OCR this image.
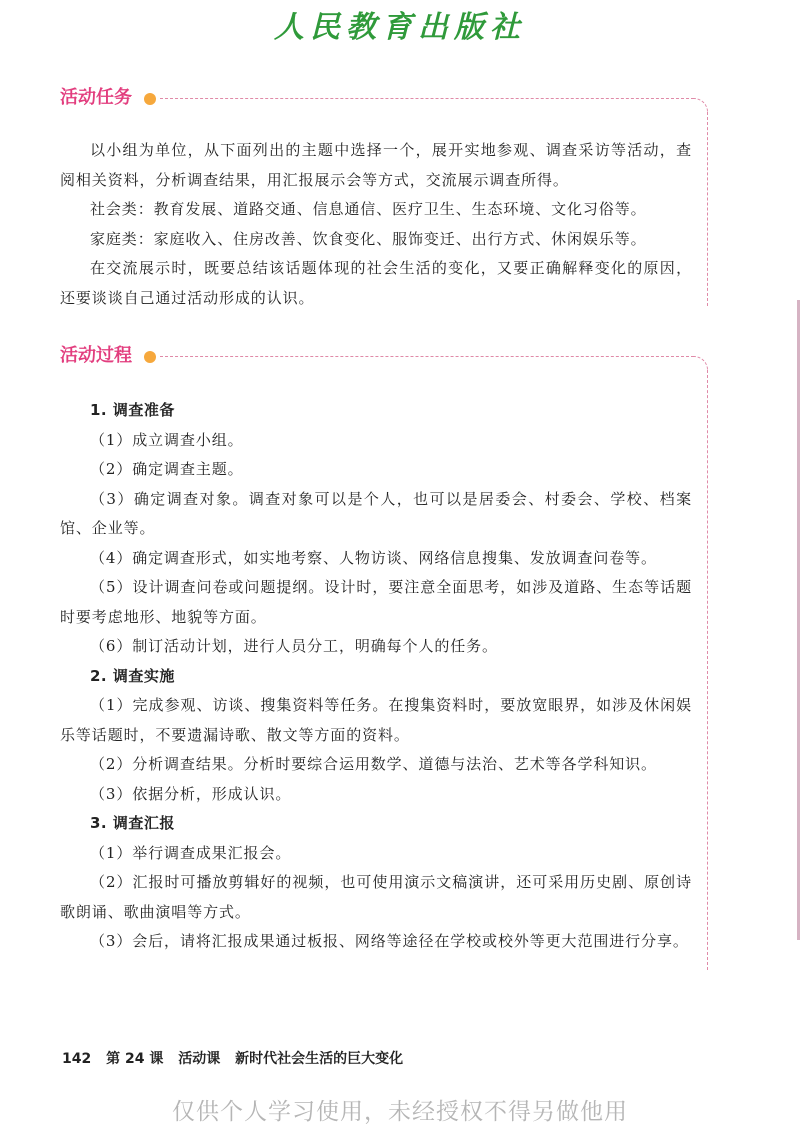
人民教育出版社
活动任务

以小组为单位，从下面列出的主题中选择一个，展开实地参观、调查采访等活动，查阅相关资料，分析调查结果，用汇报展示会等方式，交流展示调查所得。

社会类：教育发展、道路交通、信息通信、医疗卫生、生态环境、文化习俗等。

家庭类：家庭收入、住房改善、饮食变化、服饰变迁、出行方式、休闲娱乐等。

在交流展示时，既要总结该话题体现的社会生活的变化，又要正确解释变化的原因，还要谈谈自己通过活动形成的认识。

活动过程
1. 调查准备

（1）成立调查小组。

（2）确定调查主题。

（3）确定调查对象。调查对象可以是个人，也可以是居委会、村委会、学校、档案馆、企业等。

（4）确定调查形式，如实地考察、人物访谈、网络信息搜集、发放调查问卷等。

（5）设计调查问卷或问题提纲。设计时，要注意全面思考，如涉及道路、生态等话题时要考虑地形、地貌等方面。

（6）制订活动计划，进行人员分工，明确每个人的任务。

2. 调查实施

（1）完成参观、访谈、搜集资料等任务。在搜集资料时，要放宽眼界，如涉及休闲娱乐等话题时，不要遗漏诗歌、散文等方面的资料。

（2）分析调查结果。分析时要综合运用数学、道德与法治、艺术等各学科知识。

（3）依据分析，形成认识。

3. 调查汇报

（1）举行调查成果汇报会。

（2）汇报时可播放剪辑好的视频，也可使用演示文稿演讲，还可采用历史剧、原创诗歌朗诵、歌曲演唱等方式。

（3）会后，请将汇报成果通过板报、网络等途径在学校或校外等更大范围进行分享。

142 第 24 课 活动课 新时代社会生活的巨大变化
仅供个人学习使用，未经授权不得另做他用
